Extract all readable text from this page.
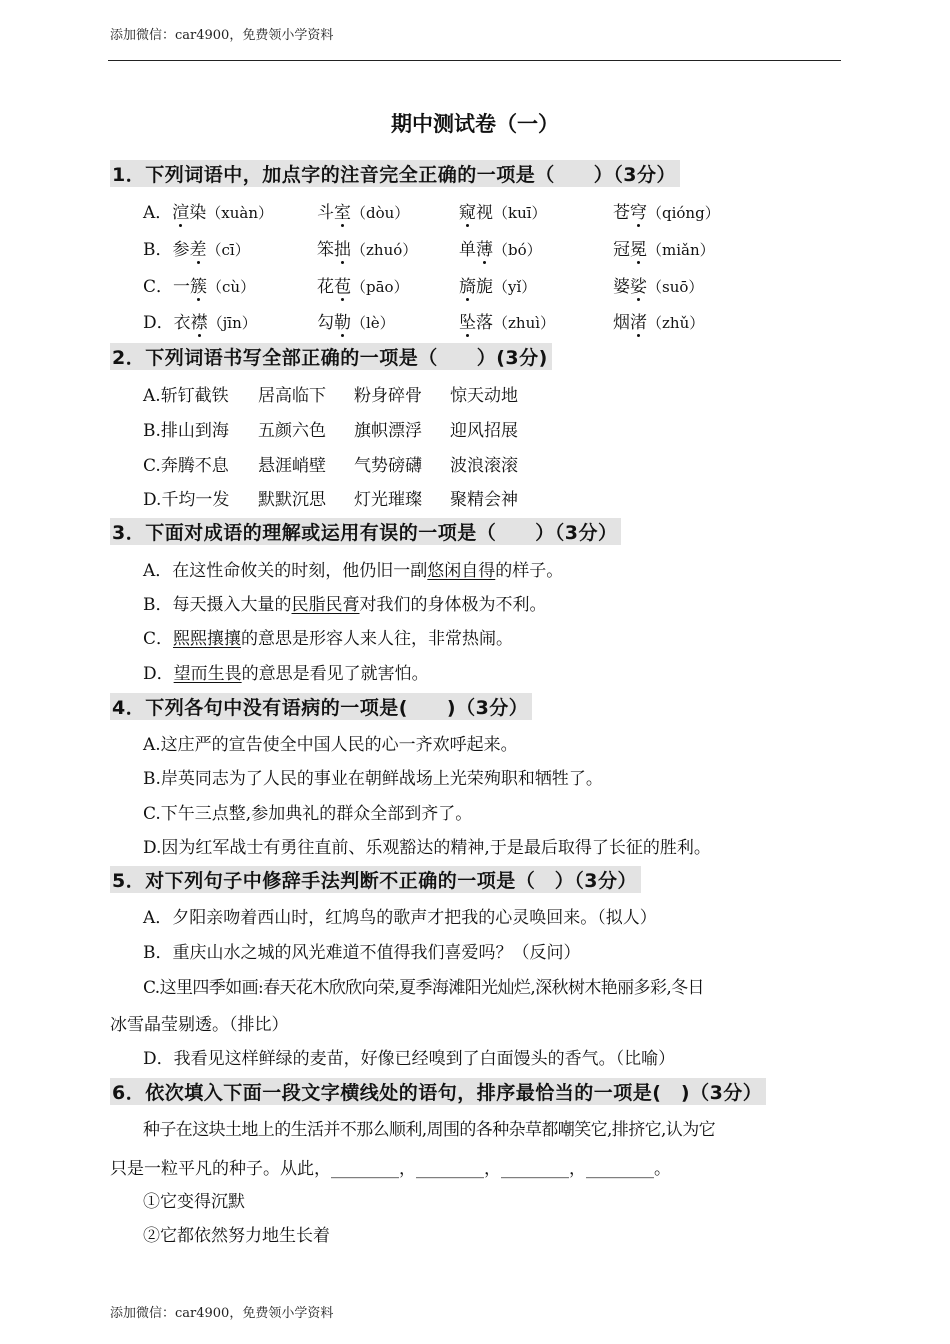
添加微信：car4900，免费领小学资料
期中测试卷（一）
1．下列词语中，加点字的注音完全正确的一项是（　　）（3分）
A．渲染（xuàn）	斗室（dòu）	窥视（kuī）	苍穹（qióng）
B．参差（cī）	笨拙（zhuó） 单薄（bó）	冠冕（miǎn）
C．一簇（cù）	花苞（pāo）	旖旎（yǐ）	婆娑（suō）
D．衣襟（jīn）	勾勒（lè）	坠落（zhuì）	烟渚（zhǔ）
2．下列词语书写全部正确的一项是（　　）(3分)
A.斩钉截铁 居高临下 粉身碎骨 惊天动地
B.排山到海 五颜六色 旗帜漂浮 迎风招展
C.奔腾不息 悬涯峭壁 气势磅礴 波浪滚滚
D.千均一发 默默沉思 灯光璀璨 聚精会神
3．下面对成语的理解或运用有误的一项是（　　）（3分）
A．在这性命攸关的时刻，他仍旧一副悠闲自得的样子。
B．每天摄入大量的民脂民膏对我们的身体极为不利。
C．熙熙攘攘的意思是形容人来人往，非常热闹。
D．望而生畏的意思是看见了就害怕。
4．下列各句中没有语病的一项是(　　)（3分）
A.这庄严的宣告使全中国人民的心一齐欢呼起来。
B.岸英同志为了人民的事业在朝鲜战场上光荣殉职和牺牲了。
C.下午三点整,参加典礼的群众全部到齐了。
D.因为红军战士有勇往直前、乐观豁达的精神,于是最后取得了长征的胜利。
5．对下列句子中修辞手法判断不正确的一项是（　）（3分）
A．夕阳亲吻着西山时，红鸠鸟的歌声才把我的心灵唤回来。（拟人）
B．重庆山水之城的风光难道不值得我们喜爱吗？（反问）
C.这里四季如画:春天花木欣欣向荣,夏季海滩阳光灿烂,深秋树木艳丽多彩,冬日
冰雪晶莹剔透。（排比）
D．我看见这样鲜绿的麦苗，好像已经嗅到了白面馒头的香气。（比喻）
6．依次填入下面一段文字横线处的语句，排序最恰当的一项是(　)（3分）
种子在这块土地上的生活并不那么顺利,周围的各种杂草都嘲笑它,排挤它,认为它
只是一粒平凡的种子。从此，________，________，________，________。
①它变得沉默
②它都依然努力地生长着
添加微信：car4900，免费领小学资料
